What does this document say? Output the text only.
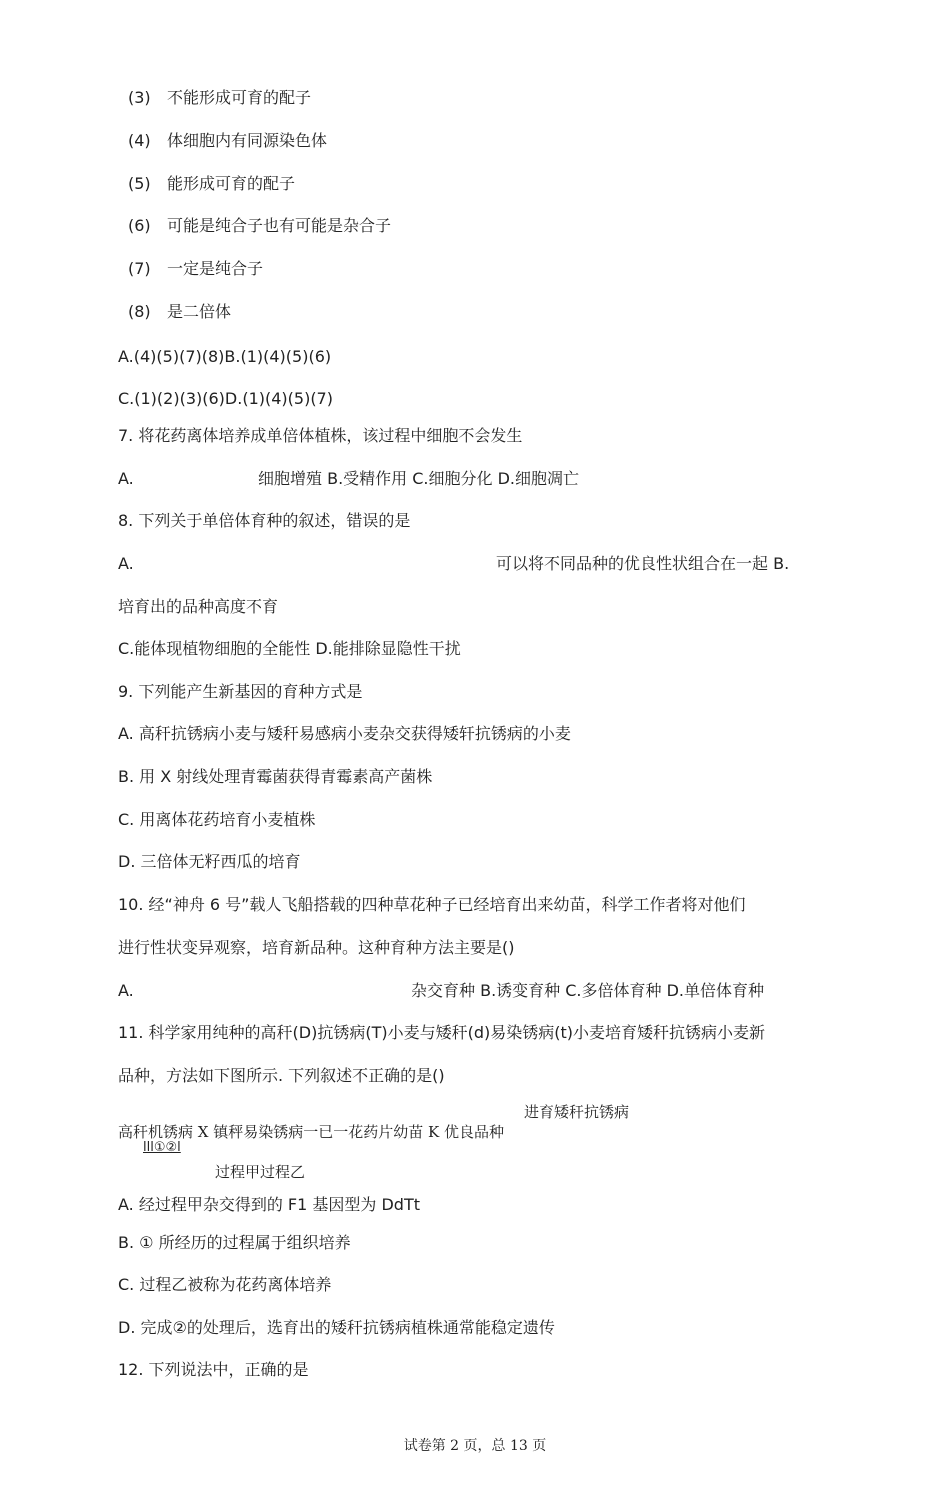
(3) 不能形成可育的配子
(4) 体细胞内有同源染色体
(5) 能形成可育的配子
(6) 可能是纯合子也有可能是杂合子
(7) 一定是纯合子
(8) 是二倍体
A.(4)(5)(7)(8)B.(1)(4)(5)(6)
C.(1)(2)(3)(6)D.(1)(4)(5)(7)
7. 将花药离体培养成单倍体植株，该过程中细胞不会发生
A.	细胞增殖 B.受精作用 C.细胞分化 D.细胞凋亡
8. 下列关于单倍体育种的叙述，错误的是
A.	可以将不同品种的优良性状组合在一起 B.
培育出的品种高度不育
C.能体现植物细胞的全能性 D.能排除显隐性干扰
9. 下列能产生新基因的育种方式是
A. 高秆抗锈病小麦与矮秆易感病小麦杂交获得矮轩抗锈病的小麦
B. 用 X 射线处理青霉菌获得青霉素高产菌株
C. 用离体花药培育小麦植株
D. 三倍体无籽西瓜的培育
10. 经“神舟 6 号”载人飞船搭载的四种草花种子已经培育出来幼苗，科学工作者将对他们
进行性状变异观察，培育新品种。这种育种方法主要是()
A.	杂交育种 B.诱变育种 C.多倍体育种 D.单倍体育种
11. 科学家用纯种的高秆(D)抗锈病(T)小麦与矮秆(d)易染锈病(t)小麦培育矮秆抗锈病小麦新
品种，方法如下图所示. 下列叙述不正确的是()
进育矮秆抗锈病
高秆机锈病 X 镇秤易染锈病一已一花药片幼苗 K 优良品种
lll①②l
过程甲过程乙
A. 经过程甲杂交得到的 F1 基因型为 DdTt
B. ① 所经历的过程属于组织培养
C. 过程乙被称为花药离体培养
D. 完成②的处理后，选育出的矮秆抗锈病植株通常能稳定遗传
12. 下列说法中，正确的是
试卷第 2 页，总 13 页
